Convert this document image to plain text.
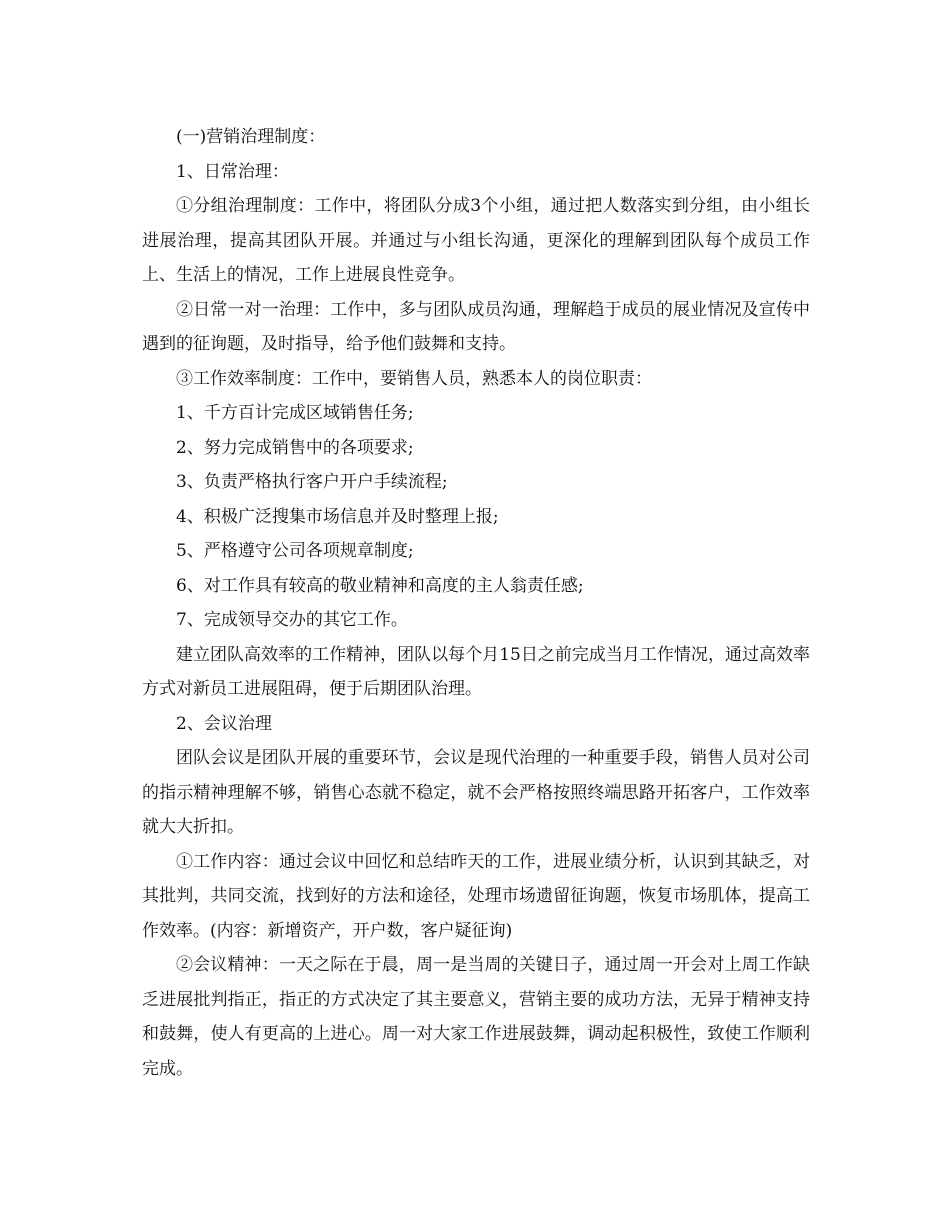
(一)营销治理制度：

1、日常治理：

①分组治理制度：工作中，将团队分成3个小组，通过把人数落实到分组，由小组长进展治理，提高其团队开展。并通过与小组长沟通，更深化的理解到团队每个成员工作上、生活上的情况，工作上进展良性竞争。

②日常一对一治理：工作中，多与团队成员沟通，理解趋于成员的展业情况及宣传中遇到的征询题，及时指导，给予他们鼓舞和支持。

③工作效率制度：工作中，要销售人员，熟悉本人的岗位职责：

1、千方百计完成区域销售任务;

2、努力完成销售中的各项要求;

3、负责严格执行客户开户手续流程;

4、积极广泛搜集市场信息并及时整理上报;

5、严格遵守公司各项规章制度;

6、对工作具有较高的敬业精神和高度的主人翁责任感;

7、完成领导交办的其它工作。

建立团队高效率的工作精神，团队以每个月15日之前完成当月工作情况，通过高效率方式对新员工进展阻碍，便于后期团队治理。

2、会议治理

团队会议是团队开展的重要环节，会议是现代治理的一种重要手段，销售人员对公司的指示精神理解不够，销售心态就不稳定，就不会严格按照终端思路开拓客户，工作效率就大大折扣。

①工作内容：通过会议中回忆和总结昨天的工作，进展业绩分析，认识到其缺乏，对其批判，共同交流，找到好的方法和途径，处理市场遗留征询题，恢复市场肌体，提高工作效率。(内容：新增资产，开户数，客户疑征询)

②会议精神：一天之际在于晨，周一是当周的关键日子，通过周一开会对上周工作缺乏进展批判指正，指正的方式决定了其主要意义，营销主要的成功方法，无异于精神支持和鼓舞，使人有更高的上进心。周一对大家工作进展鼓舞，调动起积极性，致使工作顺利完成。
